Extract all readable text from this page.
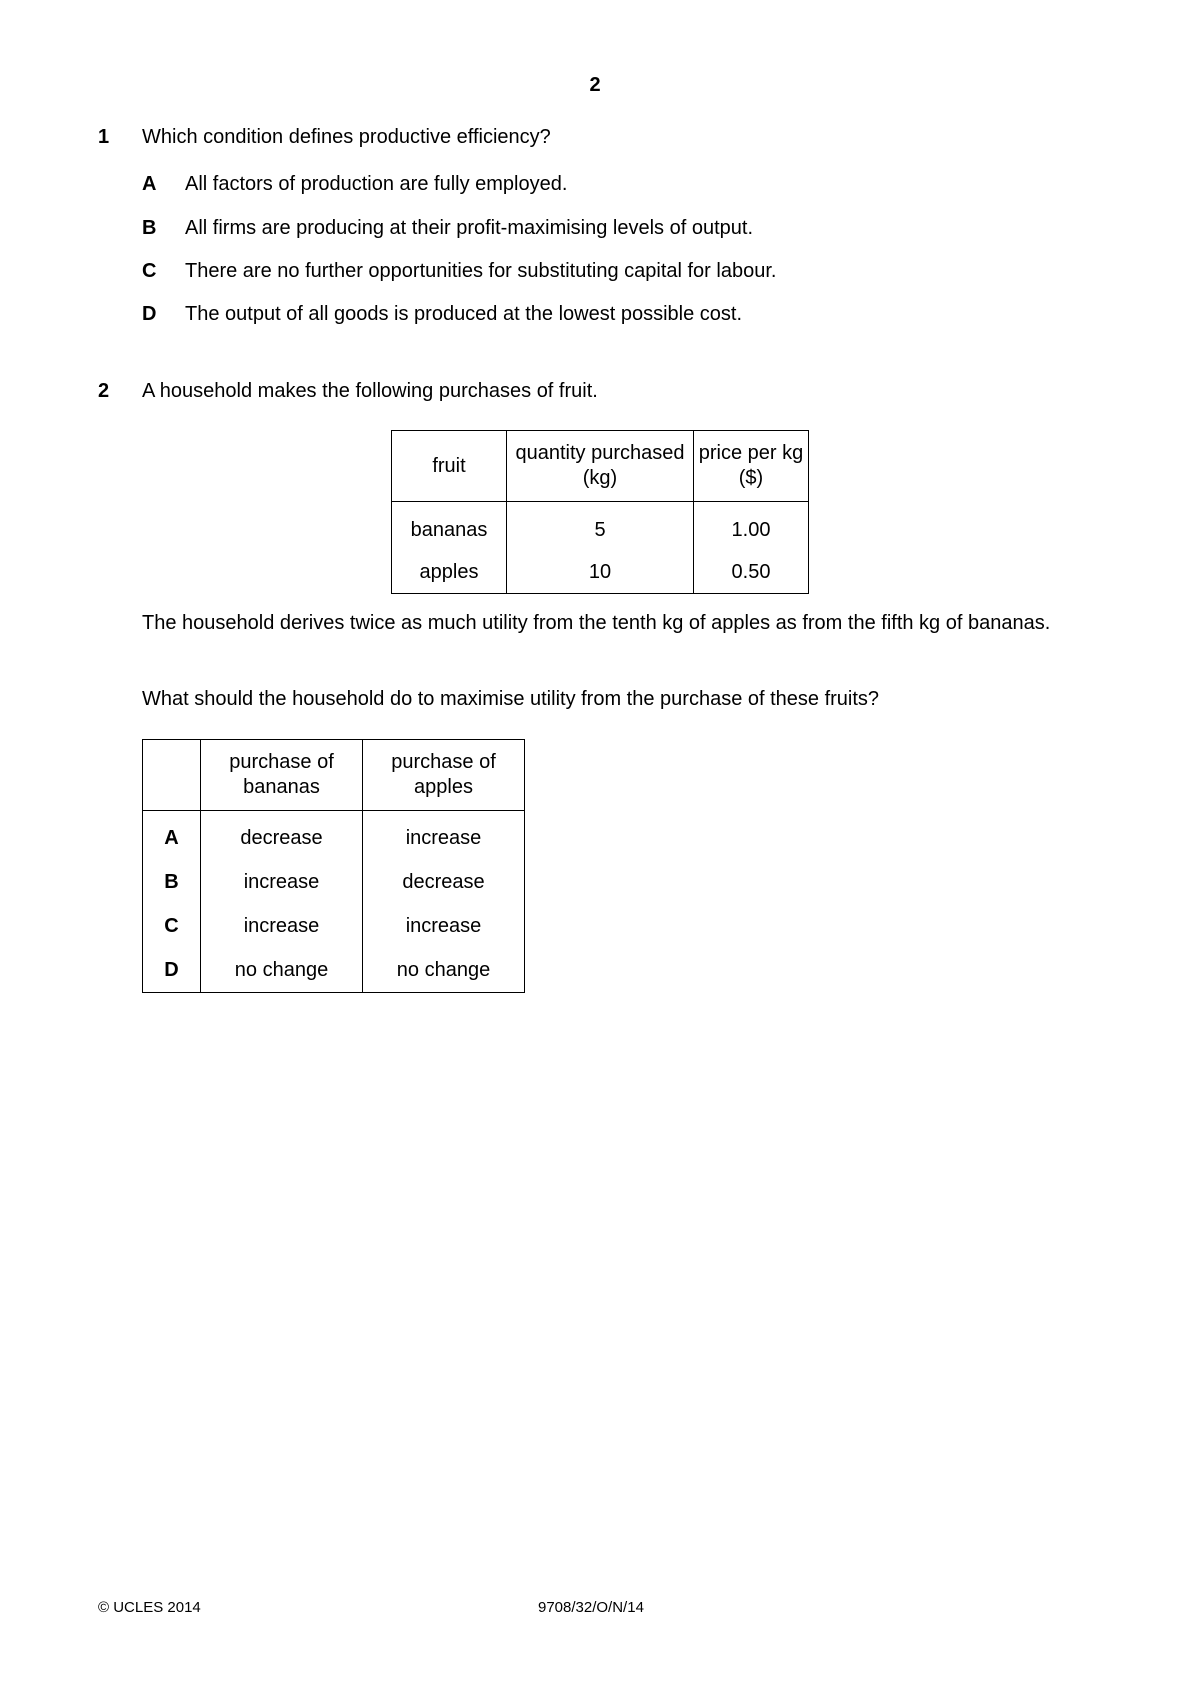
2
1 Which condition defines productive efficiency?
A All factors of production are fully employed.
B All firms are producing at their profit-maximising levels of output.
C There are no further opportunities for substituting capital for labour.
D The output of all goods is produced at the lowest possible cost.
2 A household makes the following purchases of fruit.
fruit	quantity purchased (kg)	price per kg ($)
bananas	5	1.00
apples	10	0.50
The household derives twice as much utility from the tenth kg of apples as from the fifth kg of bananas.
What should the household do to maximise utility from the purchase of these fruits?
	purchase of bananas	purchase of apples
A	decrease	increase
B	increase	decrease
C	increase	increase
D	no change	no change
© UCLES 2014	9708/32/O/N/14
